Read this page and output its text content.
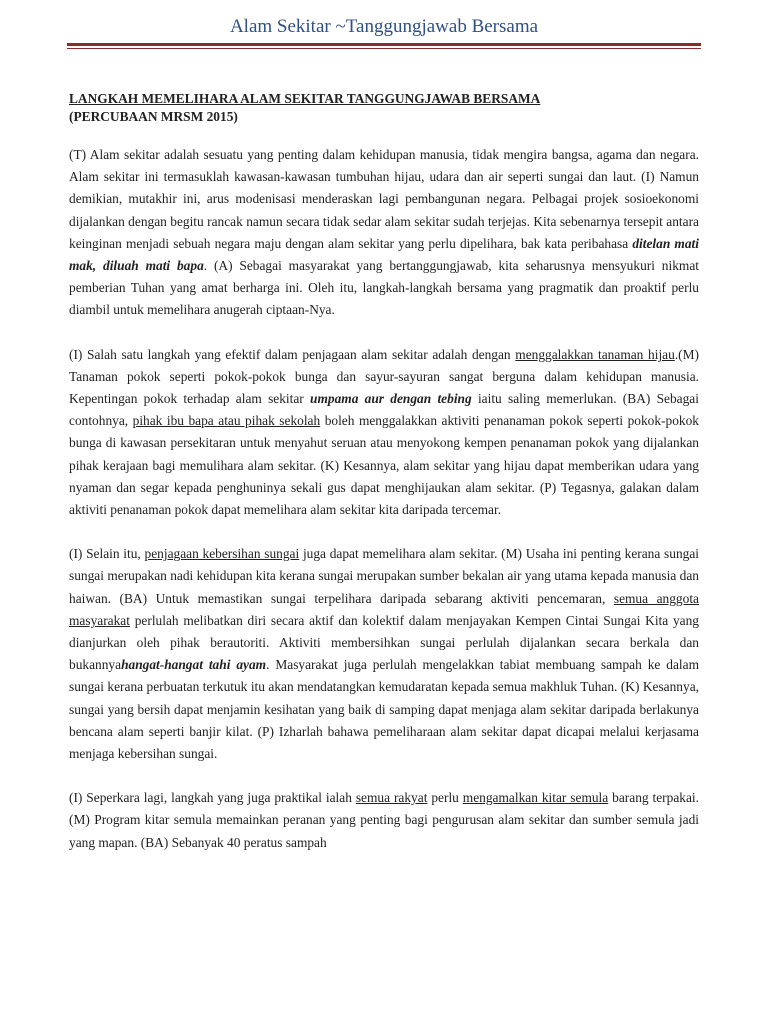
Alam Sekitar ~Tanggungjawab Bersama
LANGKAH MEMELIHARA ALAM SEKITAR TANGGUNGJAWAB BERSAMA
(PERCUBAAN MRSM 2015)

(T) Alam sekitar adalah sesuatu yang penting dalam kehidupan manusia, tidak mengira bangsa, agama dan negara. Alam sekitar ini termasuklah kawasan-kawasan tumbuhan hijau, udara dan air seperti sungai dan laut. (I) Namun demikian, mutakhir ini, arus modenisasi menderaskan lagi pembangunan negara. Pelbagai projek sosioekonomi dijalankan dengan begitu rancak namun secara tidak sedar alam sekitar sudah terjejas. Kita sebenarnya tersepit antara keinginan menjadi sebuah negara maju dengan alam sekitar yang perlu dipelihara, bak kata peribahasa ditelan mati mak, diluah mati bapa. (A) Sebagai masyarakat yang bertanggungjawab, kita seharusnya mensyukuri nikmat pemberian Tuhan yang amat berharga ini. Oleh itu, langkah-langkah bersama yang pragmatik dan proaktif perlu diambil untuk memelihara anugerah ciptaan-Nya.

(I) Salah satu langkah yang efektif dalam penjagaan alam sekitar adalah dengan menggalakkan tanaman hijau.(M) Tanaman pokok seperti pokok-pokok bunga dan sayur-sayuran sangat berguna dalam kehidupan manusia. Kepentingan pokok terhadap alam sekitar umpama aur dengan tebing iaitu saling memerlukan. (BA) Sebagai contohnya, pihak ibu bapa atau pihak sekolah boleh menggalakkan aktiviti penanaman pokok seperti pokok-pokok bunga di kawasan persekitaran untuk menyahut seruan atau menyokong kempen penanaman pokok yang dijalankan pihak kerajaan bagi memulihara alam sekitar. (K) Kesannya, alam sekitar yang hijau dapat memberikan udara yang nyaman dan segar kepada penghuninya sekali gus dapat menghijaukan alam sekitar. (P) Tegasnya, galakan dalam aktiviti penanaman pokok dapat memelihara alam sekitar kita daripada tercemar.

(I) Selain itu, penjagaan kebersihan sungai juga dapat memelihara alam sekitar. (M) Usaha ini penting kerana sungai sungai merupakan nadi kehidupan kita kerana sungai merupakan sumber bekalan air yang utama kepada manusia dan haiwan. (BA) Untuk memastikan sungai terpelihara daripada sebarang aktiviti pencemaran, semua anggota masyarakat perlulah melibatkan diri secara aktif dan kolektif dalam menjayakan Kempen Cintai Sungai Kita yang dianjurkan oleh pihak berautoriti. Aktiviti membersihkan sungai perlulah dijalankan secara berkala dan bukannyahangat-hangat tahi ayam. Masyarakat juga perlulah mengelakkan tabiat membuang sampah ke dalam sungai kerana perbuatan terkutuk itu akan mendatangkan kemudaratan kepada semua makhluk Tuhan. (K) Kesannya, sungai yang bersih dapat menjamin kesihatan yang baik di samping dapat menjaga alam sekitar daripada berlakunya bencana alam seperti banjir kilat. (P) Izharlah bahawa pemeliharaan alam sekitar dapat dicapai melalui kerjasama menjaga kebersihan sungai.

(I) Seperkara lagi, langkah yang juga praktikal ialah semua rakyat perlu mengamalkan kitar semula barang terpakai. (M) Program kitar semula memainkan peranan yang penting bagi pengurusan alam sekitar dan sumber semula jadi yang mapan. (BA) Sebanyak 40 peratus sampah
